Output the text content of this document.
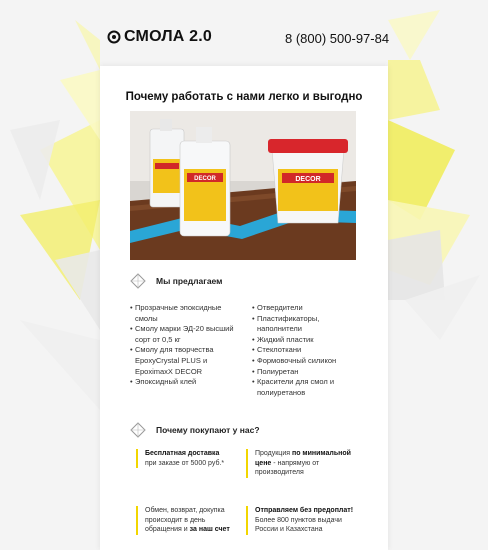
СМОЛА 2.0	8 (800) 500-97-84
Почему работать с нами легко и выгодно
DECOR	DECOR
Мы предлагаем
• Прозрачные эпоксидные смолы
• Смолу марки ЭД-20 высший сорт от 0,5 кг
• Смолу для творчества EpoxyCrystal PLUS и EpoximaxX DECOR
• Эпоксидный клей
• Отвердители
• Пластификаторы, наполнители
• Жидкий пластик
• Стеклоткани
• Формовочный силикон
• Полиуретан
• Красители для смол и полиуретанов
Почему покупают у нас?
Бесплатная доставка
при заказе от 5000 руб.*
Продукция по минимальной цене - напрямую от производителя
Обмен, возврат, докупка происходит в день обращения и за наш счет
Отправляем без предоплат!
Более 800 пунктов выдачи России и Казахстана
